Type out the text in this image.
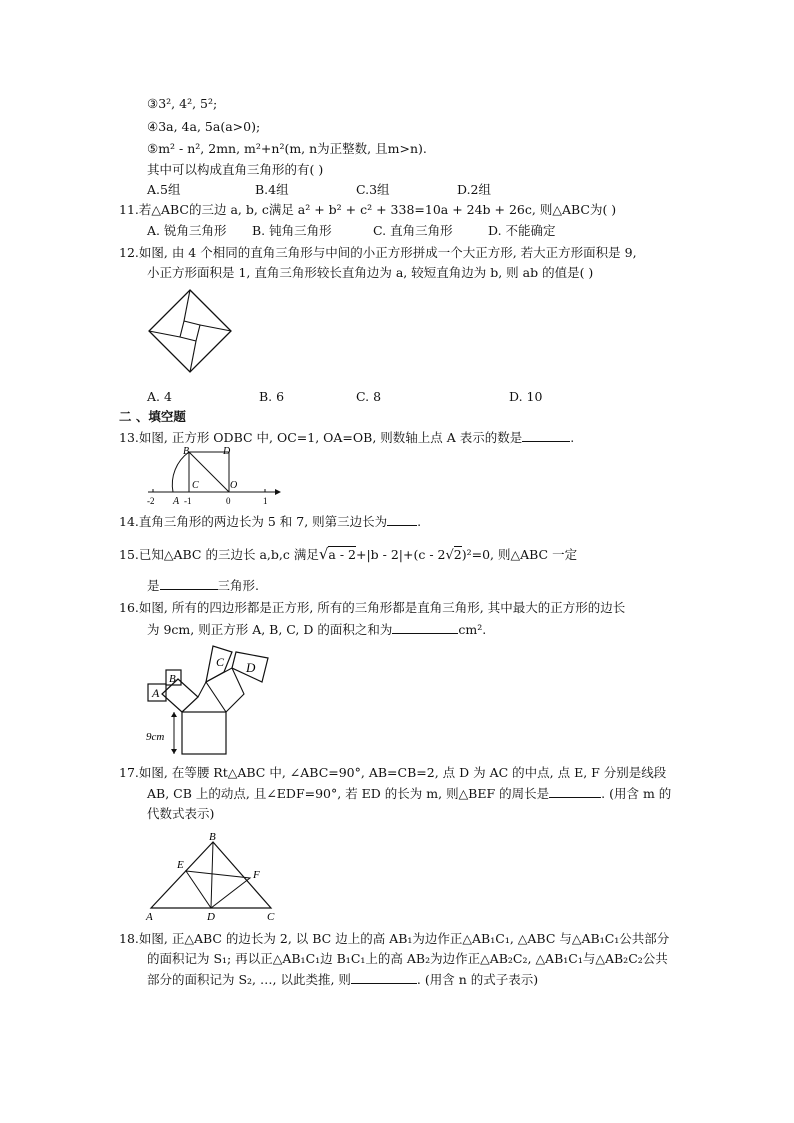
③3², 4², 5²;
④3a, 4a, 5a(a>0);
⑤m² - n², 2mn, m²+n²(m, n为正整数, 且m>n).
其中可以构成直角三角形的有( )
A.5组	B.4组	C.3组	D.2组
11.若△ABC的三边 a, b, c满足 a² + b² + c² + 338=10a + 24b + 26c, 则△ABC为( )
A. 锐角三角形 B. 钝角三角形	C. 直角三角形	D. 不能确定
12.如图, 由 4 个相同的直角三角形与中间的小正方形拼成一个大正方形, 若大正方形面积是 9,
小正方形面积是 1, 直角三角形较长直角边为 a, 较短直角边为 b, 则 ab 的值是( )
A. 4	B. 6	C. 8	D. 10
二 、填空题
13.如图, 正方形 ODBC 中, OC=1, OA=OB, 则数轴上点 A 表示的数是	.
B	D
C	O
A
-2	-1	0	1
14.直角三角形的两边长为 5 和 7, 则第三边长为 .
15.已知△ABC 的三边长 a,b,c 满足√a - 2+|b - 2|+(c - 2√2)²=0, 则△ABC 一定
是	三角形.
16.如图, 所有的四边形都是正方形, 所有的三角形都是直角三角形, 其中最大的正方形的边长
为 9cm, 则正方形 A, B, C, D 的面积之和为	cm².
A
B
C D
9cm
17.如图, 在等腰 Rt△ABC 中, ∠ABC=90°, AB=CB=2, 点 D 为 AC 的中点, 点 E, F 分别是线段
AB, CB 上的动点, 且∠EDF=90°, 若 ED 的长为 m, 则△BEF 的周长是	. (用含 m 的
代数式表示)
B
E
F
A	D	C
18.如图, 正△ABC 的边长为 2, 以 BC 边上的高 AB₁为边作正△AB₁C₁, △ABC 与△AB₁C₁公共部分
的面积记为 S₁; 再以正△AB₁C₁边 B₁C₁上的高 AB₂为边作正△AB₂C₂, △AB₁C₁与△AB₂C₂公共
部分的面积记为 S₂, …, 以此类推, 则	. (用含 n 的式子表示)
